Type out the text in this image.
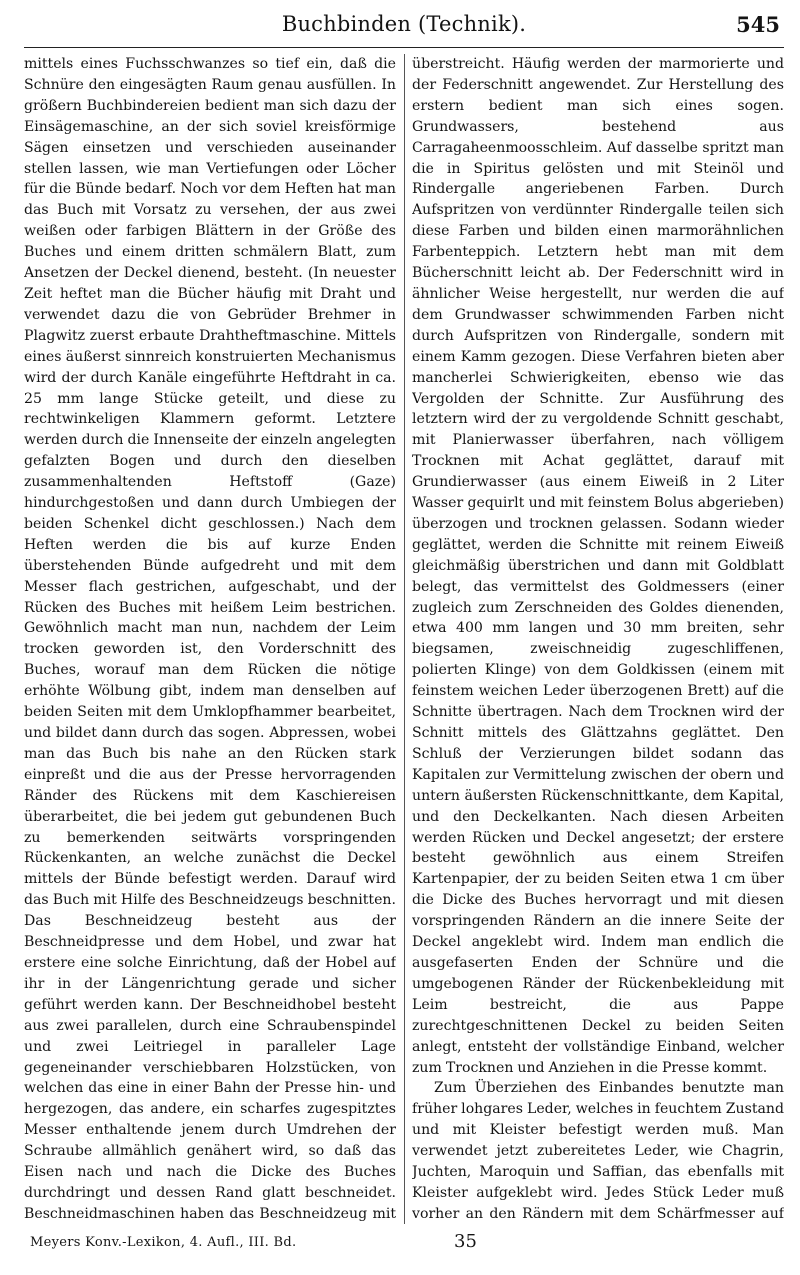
Buchbinden (Technik).	545

mittels eines Fuchsschwanzes so tief ein, daß die Schnüre den eingesägten Raum genau ausfüllen. In größern Buchbindereien bedient man sich dazu der Einsägemaschine, an der sich soviel kreisförmige Sägen einsetzen und verschieden auseinander stellen lassen, wie man Vertiefungen oder Löcher für die Bünde bedarf. Noch vor dem Heften hat man das Buch mit Vorsatz zu versehen, der aus zwei weißen oder farbigen Blättern in der Größe des Buches und einem dritten schmälern Blatt, zum Ansetzen der Deckel dienend, besteht. (In neuester Zeit heftet man die Bücher häufig mit Draht und verwendet dazu die von Gebrüder Brehmer in Plagwitz zuerst erbaute Drahtheftmaschine. Mittels eines äußerst sinnreich konstruierten Mechanismus wird der durch Kanäle eingeführte Heftdraht in ca. 25 mm lange Stücke geteilt, und diese zu rechtwinkeligen Klammern geformt. Letztere werden durch die Innenseite der einzeln angelegten gefalzten Bogen und durch den dieselben zusammenhaltenden Heftstoff (Gaze) hindurchgestoßen und dann durch Umbiegen der beiden Schenkel dicht geschlossen.) Nach dem Heften werden die bis auf kurze Enden überstehenden Bünde aufgedreht und mit dem Messer flach gestrichen, aufgeschabt, und der Rücken des Buches mit heißem Leim bestrichen. Gewöhnlich macht man nun, nachdem der Leim trocken geworden ist, den Vorderschnitt des Buches, worauf man dem Rücken die nötige erhöhte Wölbung gibt, indem man denselben auf beiden Seiten mit dem Umklopfhammer bearbeitet, und bildet dann durch das sogen. Abpressen, wobei man das Buch bis nahe an den Rücken stark einpreßt und die aus der Presse hervorragenden Ränder des Rückens mit dem Kaschiereisen überarbeitet, die bei jedem gut gebundenen Buch zu bemerkenden seitwärts vorspringenden Rückenkanten, an welche zunächst die Deckel mittels der Bünde befestigt werden. Darauf wird das Buch mit Hilfe des Beschneidzeugs beschnitten. Das Beschneidzeug besteht aus der Beschneidpresse und dem Hobel, und zwar hat erstere eine solche Einrichtung, daß der Hobel auf ihr in der Längenrichtung gerade und sicher geführt werden kann. Der Beschneidhobel besteht aus zwei parallelen, durch eine Schraubenspindel und zwei Leitriegel in paralleler Lage gegeneinander verschiebbaren Holzstücken, von welchen das eine in einer Bahn der Presse hin- und hergezogen, das andere, ein scharfes zugespitztes Messer enthaltende jenem durch Umdrehen der Schraube allmählich genähert wird, so daß das Eisen nach und nach die Dicke des Buches durchdringt und dessen Rand glatt beschneidet. Beschneidmaschinen haben das Beschneidzeug mit

überstreicht. Häufig werden der marmorierte und der Federschnitt angewendet. Zur Herstellung des erstern bedient man sich eines sogen. Grundwassers, bestehend aus Carragaheenmoosschleim. Auf dasselbe spritzt man die in Spiritus gelösten und mit Steinöl und Rindergalle angeriebenen Farben. Durch Aufspritzen von verdünnter Rindergalle teilen sich diese Farben und bilden einen marmorähnlichen Farbenteppich. Letztern hebt man mit dem Bücherschnitt leicht ab. Der Federschnitt wird in ähnlicher Weise hergestellt, nur werden die auf dem Grundwasser schwimmenden Farben nicht durch Aufspritzen von Rindergalle, sondern mit einem Kamm gezogen. Diese Verfahren bieten aber mancherlei Schwierigkeiten, ebenso wie das Vergolden der Schnitte. Zur Ausführung des letztern wird der zu vergoldende Schnitt geschabt, mit Planierwasser überfahren, nach völligem Trocknen mit Achat geglättet, darauf mit Grundierwasser (aus einem Eiweiß in 2 Liter Wasser gequirlt und mit feinstem Bolus abgerieben) überzogen und trocknen gelassen. Sodann wieder geglättet, werden die Schnitte mit reinem Eiweiß gleichmäßig überstrichen und dann mit Goldblatt belegt, das vermittelst des Goldmessers (einer zugleich zum Zerschneiden des Goldes dienenden, etwa 400 mm langen und 30 mm breiten, sehr biegsamen, zweischneidig zugeschliffenen, polierten Klinge) von dem Goldkissen (einem mit feinstem weichen Leder überzogenen Brett) auf die Schnitte übertragen. Nach dem Trocknen wird der Schnitt mittels des Glättzahns geglättet. Den Schluß der Verzierungen bildet sodann das Kapitalen zur Vermittelung zwischen der obern und untern äußersten Rückenschnittkante, dem Kapital, und den Deckelkanten. Nach diesen Arbeiten werden Rücken und Deckel angesetzt; der erstere besteht gewöhnlich aus einem Streifen Kartenpapier, der zu beiden Seiten etwa 1 cm über die Dicke des Buches hervorragt und mit diesen vorspringenden Rändern an die innere Seite der Deckel angeklebt wird. Indem man endlich die ausgefaserten Enden der Schnüre und die umgebogenen Ränder der Rückenbekleidung mit Leim bestreicht, die aus Pappe zurechtgeschnittenen Deckel zu beiden Seiten anlegt, entsteht der vollständige Einband, welcher zum Trocknen und Anziehen in die Presse kommt.

Zum Überziehen des Einbandes benutzte man früher lohgares Leder, welches in feuchtem Zustand und mit Kleister befestigt werden muß. Man verwendet jetzt zubereitetes Leder, wie Chagrin, Juchten, Maroquin und Saffian, das ebenfalls mit Kleister aufgeklebt wird. Jedes Stück Leder muß vorher an den Rändern mit dem Schärfmesser auf

Meyers Konv.-Lexikon, 4. Aufl., III. Bd.	35
